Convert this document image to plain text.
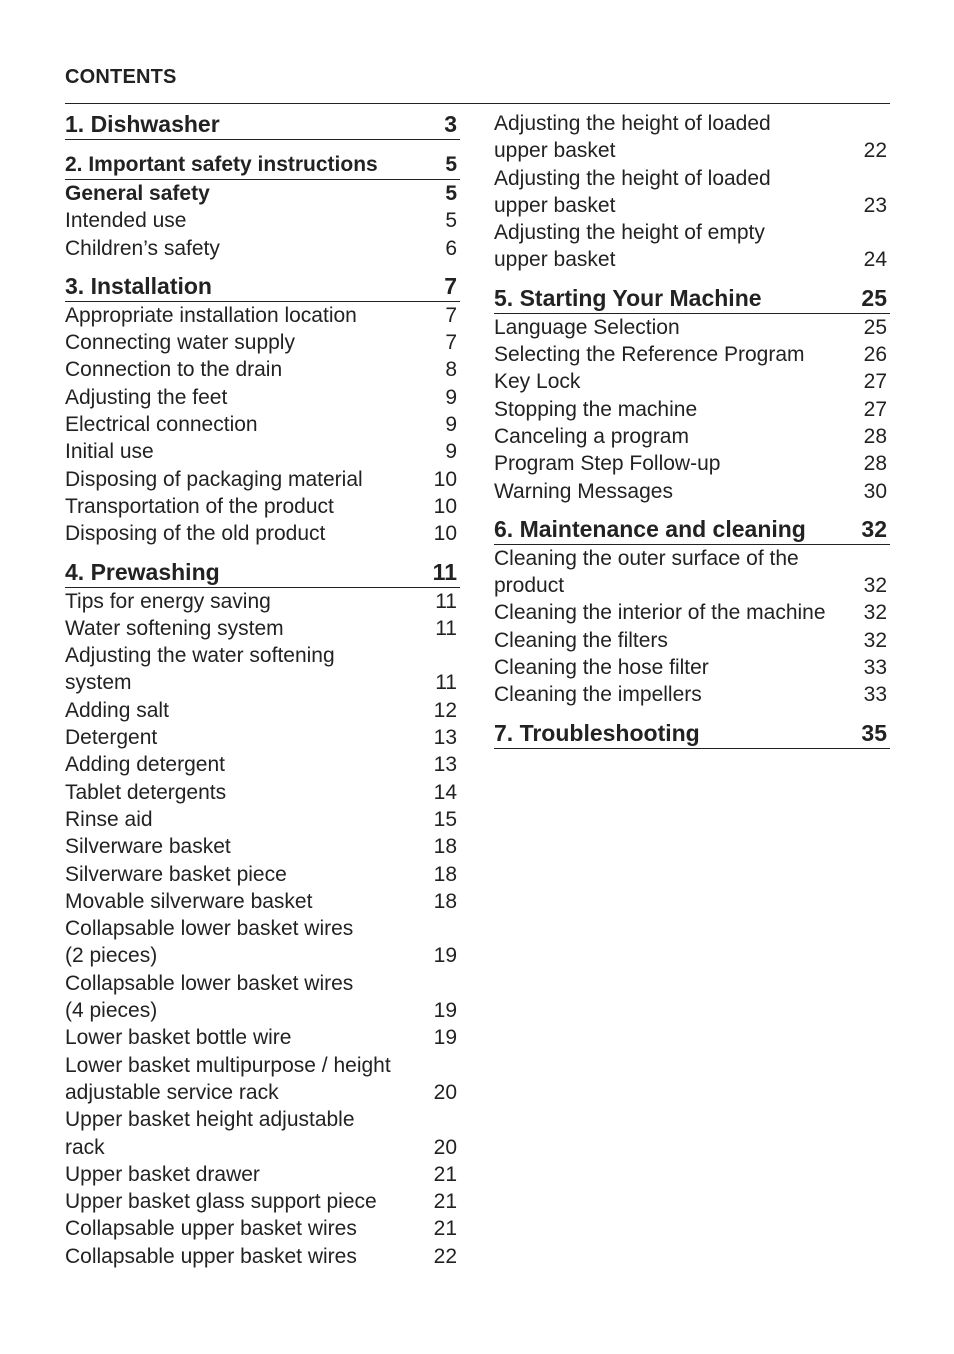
CONTENTS
1. Dishwasher	3
2. Important safety instructions	5
General safety	5
Intended use	5
Children’s safety	6
3. Installation	7
Appropriate installation location	7
Connecting water supply	7
Connection to the drain	8
Adjusting the feet	9
Electrical connection	9
Initial use	9
Disposing of packaging material	10
Transportation of the product	10
Disposing of the old product	10
4. Prewashing	11
Tips for energy saving	11
Water softening system	11
Adjusting the water softening
system	11
Adding salt	12
Detergent	13
Adding detergent	13
Tablet detergents	14
Rinse aid	15
Silverware basket	18
Silverware basket piece	18
Movable silverware basket	18
Collapsable lower basket wires
(2 pieces)	19
Collapsable lower basket wires
(4 pieces)	19
Lower basket bottle wire	19
Lower basket multipurpose / height
adjustable service rack	20
Upper basket height adjustable
rack	20
Upper basket drawer	21
Upper basket glass support piece	21
Collapsable upper basket wires	21
Collapsable upper basket wires	22
Adjusting the height of loaded
upper basket	22
Adjusting the height of loaded
upper basket	23
Adjusting the height of empty
upper basket	24
5. Starting Your Machine	25
Language Selection	25
Selecting the Reference Program	26
Key Lock	27
Stopping the machine	27
Canceling a program	28
Program Step Follow-up	28
Warning Messages	30
6. Maintenance and cleaning 32
Cleaning the outer surface of the
product	32
Cleaning the interior of the machine	32
Cleaning the filters	32
Cleaning the hose filter	33
Cleaning the impellers	33
7. Troubleshooting	35
